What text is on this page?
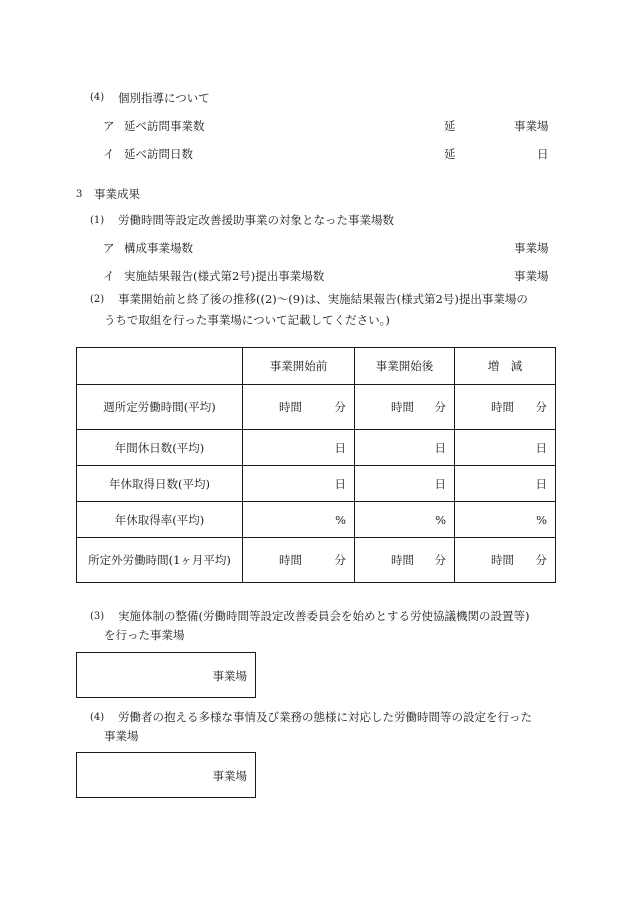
(4) 個別指導について
ア 延べ訪問事業数	延	事業場
イ 延べ訪問日数	延	日
3 事業成果
(1) 労働時間等設定改善援助事業の対象となった事業場数
ア 構成事業場数	事業場
イ 実施結果報告(様式第2号)提出事業場数	事業場
(2) 事業開始前と終了後の推移((2)～(9)は、実施結果報告(様式第2号)提出事業場の
うちで取組を行った事業場について記載してください。)
	事業開始前	事業開始後	増　減
週所定労働時間(平均)	時間 分	時間 分	時間 分

年間休日数(平均)	日	日	日

年休取得日数(平均)	日	日	日

年休取得率(平均)	%	%	%

所定外労働時間(1ヶ月平均)	時間 分	時間 分	時間 分
(3) 実施体制の整備(労働時間等設定改善委員会を始めとする労使協議機関の設置等)
を行った事業場
事業場
(4) 労働者の抱える多様な事情及び業務の態様に対応した労働時間等の設定を行った
事業場
事業場
